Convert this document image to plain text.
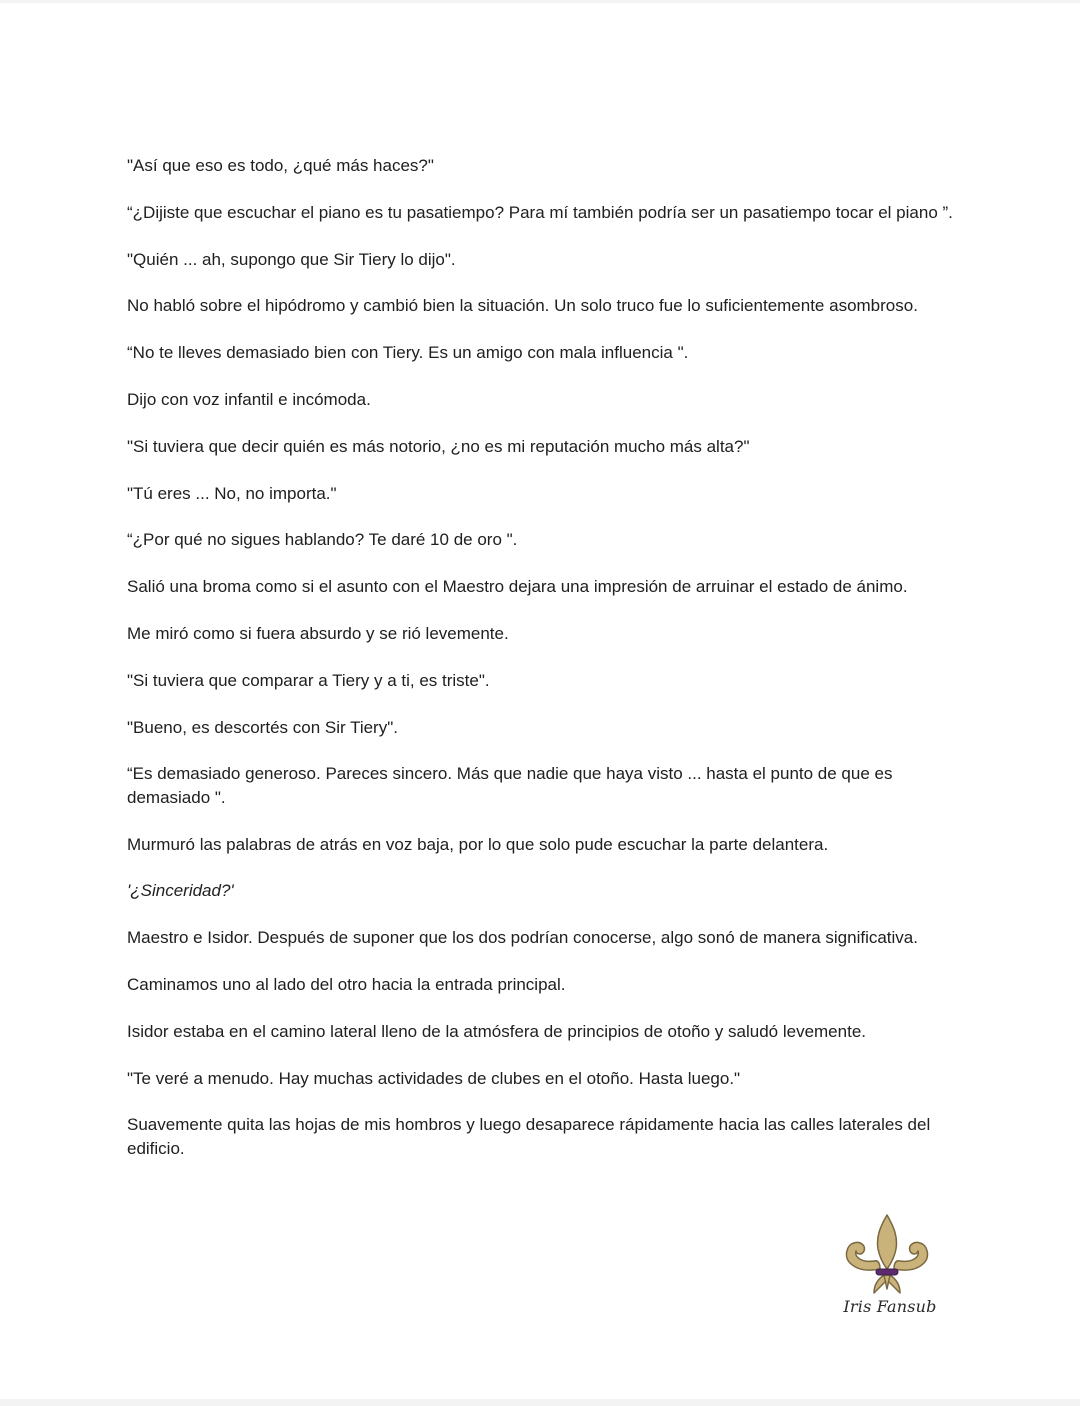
"Así que eso es todo, ¿qué más haces?"

“¿Dijiste que escuchar el piano es tu pasatiempo? Para mí también podría ser un pasatiempo tocar el piano ”.

"Quién ... ah, supongo que Sir Tiery lo dijo".

No habló sobre el hipódromo y cambió bien la situación. Un solo truco fue lo suficientemente asombroso.

“No te lleves demasiado bien con Tiery. Es un amigo con mala influencia ".

Dijo con voz infantil e incómoda.

"Si tuviera que decir quién es más notorio, ¿no es mi reputación mucho más alta?"

"Tú eres ... No, no importa."

“¿Por qué no sigues hablando? Te daré 10 de oro ".

Salió una broma como si el asunto con el Maestro dejara una impresión de arruinar el estado de ánimo.

Me miró como si fuera absurdo y se rió levemente.

"Si tuviera que comparar a Tiery y a ti, es triste".

"Bueno, es descortés con Sir Tiery".

“Es demasiado generoso. Pareces sincero. Más que nadie que haya visto ... hasta el punto de que es demasiado ".

Murmuró las palabras de atrás en voz baja, por lo que solo pude escuchar la parte delantera.

'¿Sinceridad?'

Maestro e Isidor. Después de suponer que los dos podrían conocerse, algo sonó de manera significativa.

Caminamos uno al lado del otro hacia la entrada principal.

Isidor estaba en el camino lateral lleno de la atmósfera de principios de otoño y saludó levemente.

"Te veré a menudo. Hay muchas actividades de clubes en el otoño. Hasta luego."

Suavemente quita las hojas de mis hombros y luego desaparece rápidamente hacia las calles laterales del edificio.

Iris Fansub
